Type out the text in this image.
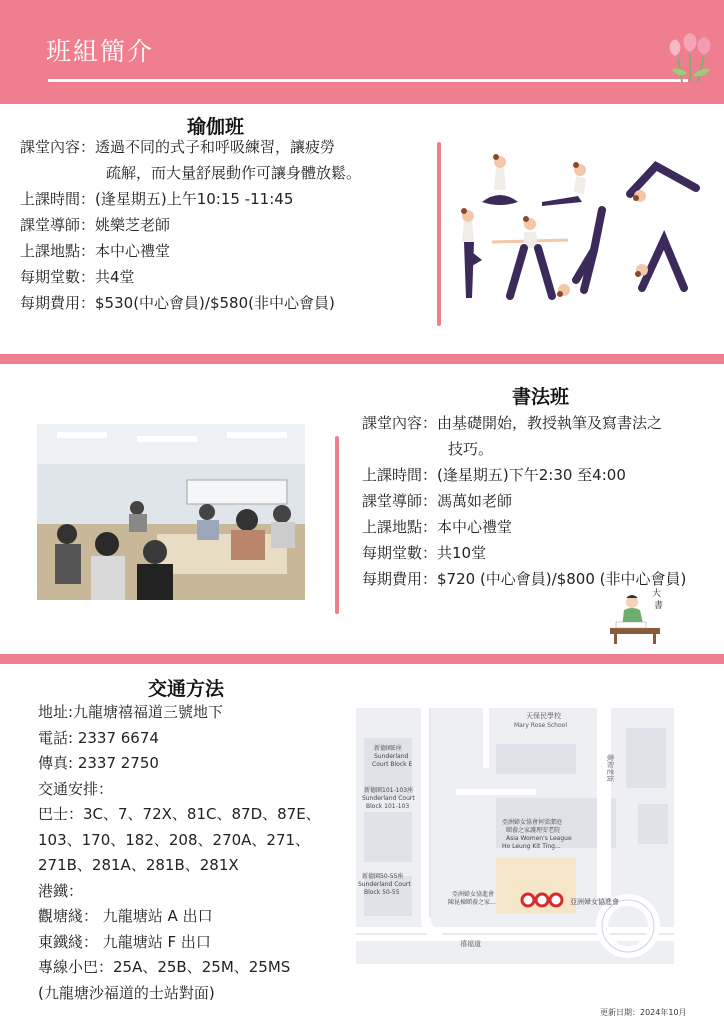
班組簡介
瑜伽班
課堂內容： 透過不同的式子和呼吸練習，讓疲勞
疏解，而大量舒展動作可讓身體放鬆。
上課時間： (逢星期五)上午10:15 -11:45
課堂導師： 姚樂芝老師
上課地點： 本中心禮堂
每期堂數： 共4堂
每期費用： $530(中心會員)/$580(非中心會員)
書法班
課堂內容： 由基礎開始，教授執筆及寫書法之
技巧。
上課時間： (逢星期五)下午2:30 至4:00
課堂導師： 馮萬如老師
上課地點： 本中心禮堂
每期堂數： 共10堂
每期費用： $720 (中心會員)/$800 (非中心會員)
大
書
交通方法
地址:九龍塘禧福道三號地下
電話: 2337 6674
傳真: 2337 2750
交通安排：
巴士：3C、7、72X、81C、87D、87E、
103、170、182、208、270A、271、
271B、281A、281B、281X
港鐵：
觀塘綫： 九龍塘站 A 出口
東鐵綫： 九龍塘站 F 出口
專線小巴：25A、25B、25M、25MS
(九龍塘沙福道的士站對面)
天保民學校
Mary Rose School
新德園E座
Sunderland
Court Block E
新德園101-103座
Sunderland Court
Block 101-103
新德園50-55座
Sunderland Court
Block 50-55
亞洲婦女協會何梁潔庭
頤養之家護理安老院
Asia Women's League
Ho Leung Kit Ting...
亞洲婦女協進會
陳昆棟頤養之家...	亞洲婦女協進會
禧福道
歌和老街
更新日期：2024年10月
